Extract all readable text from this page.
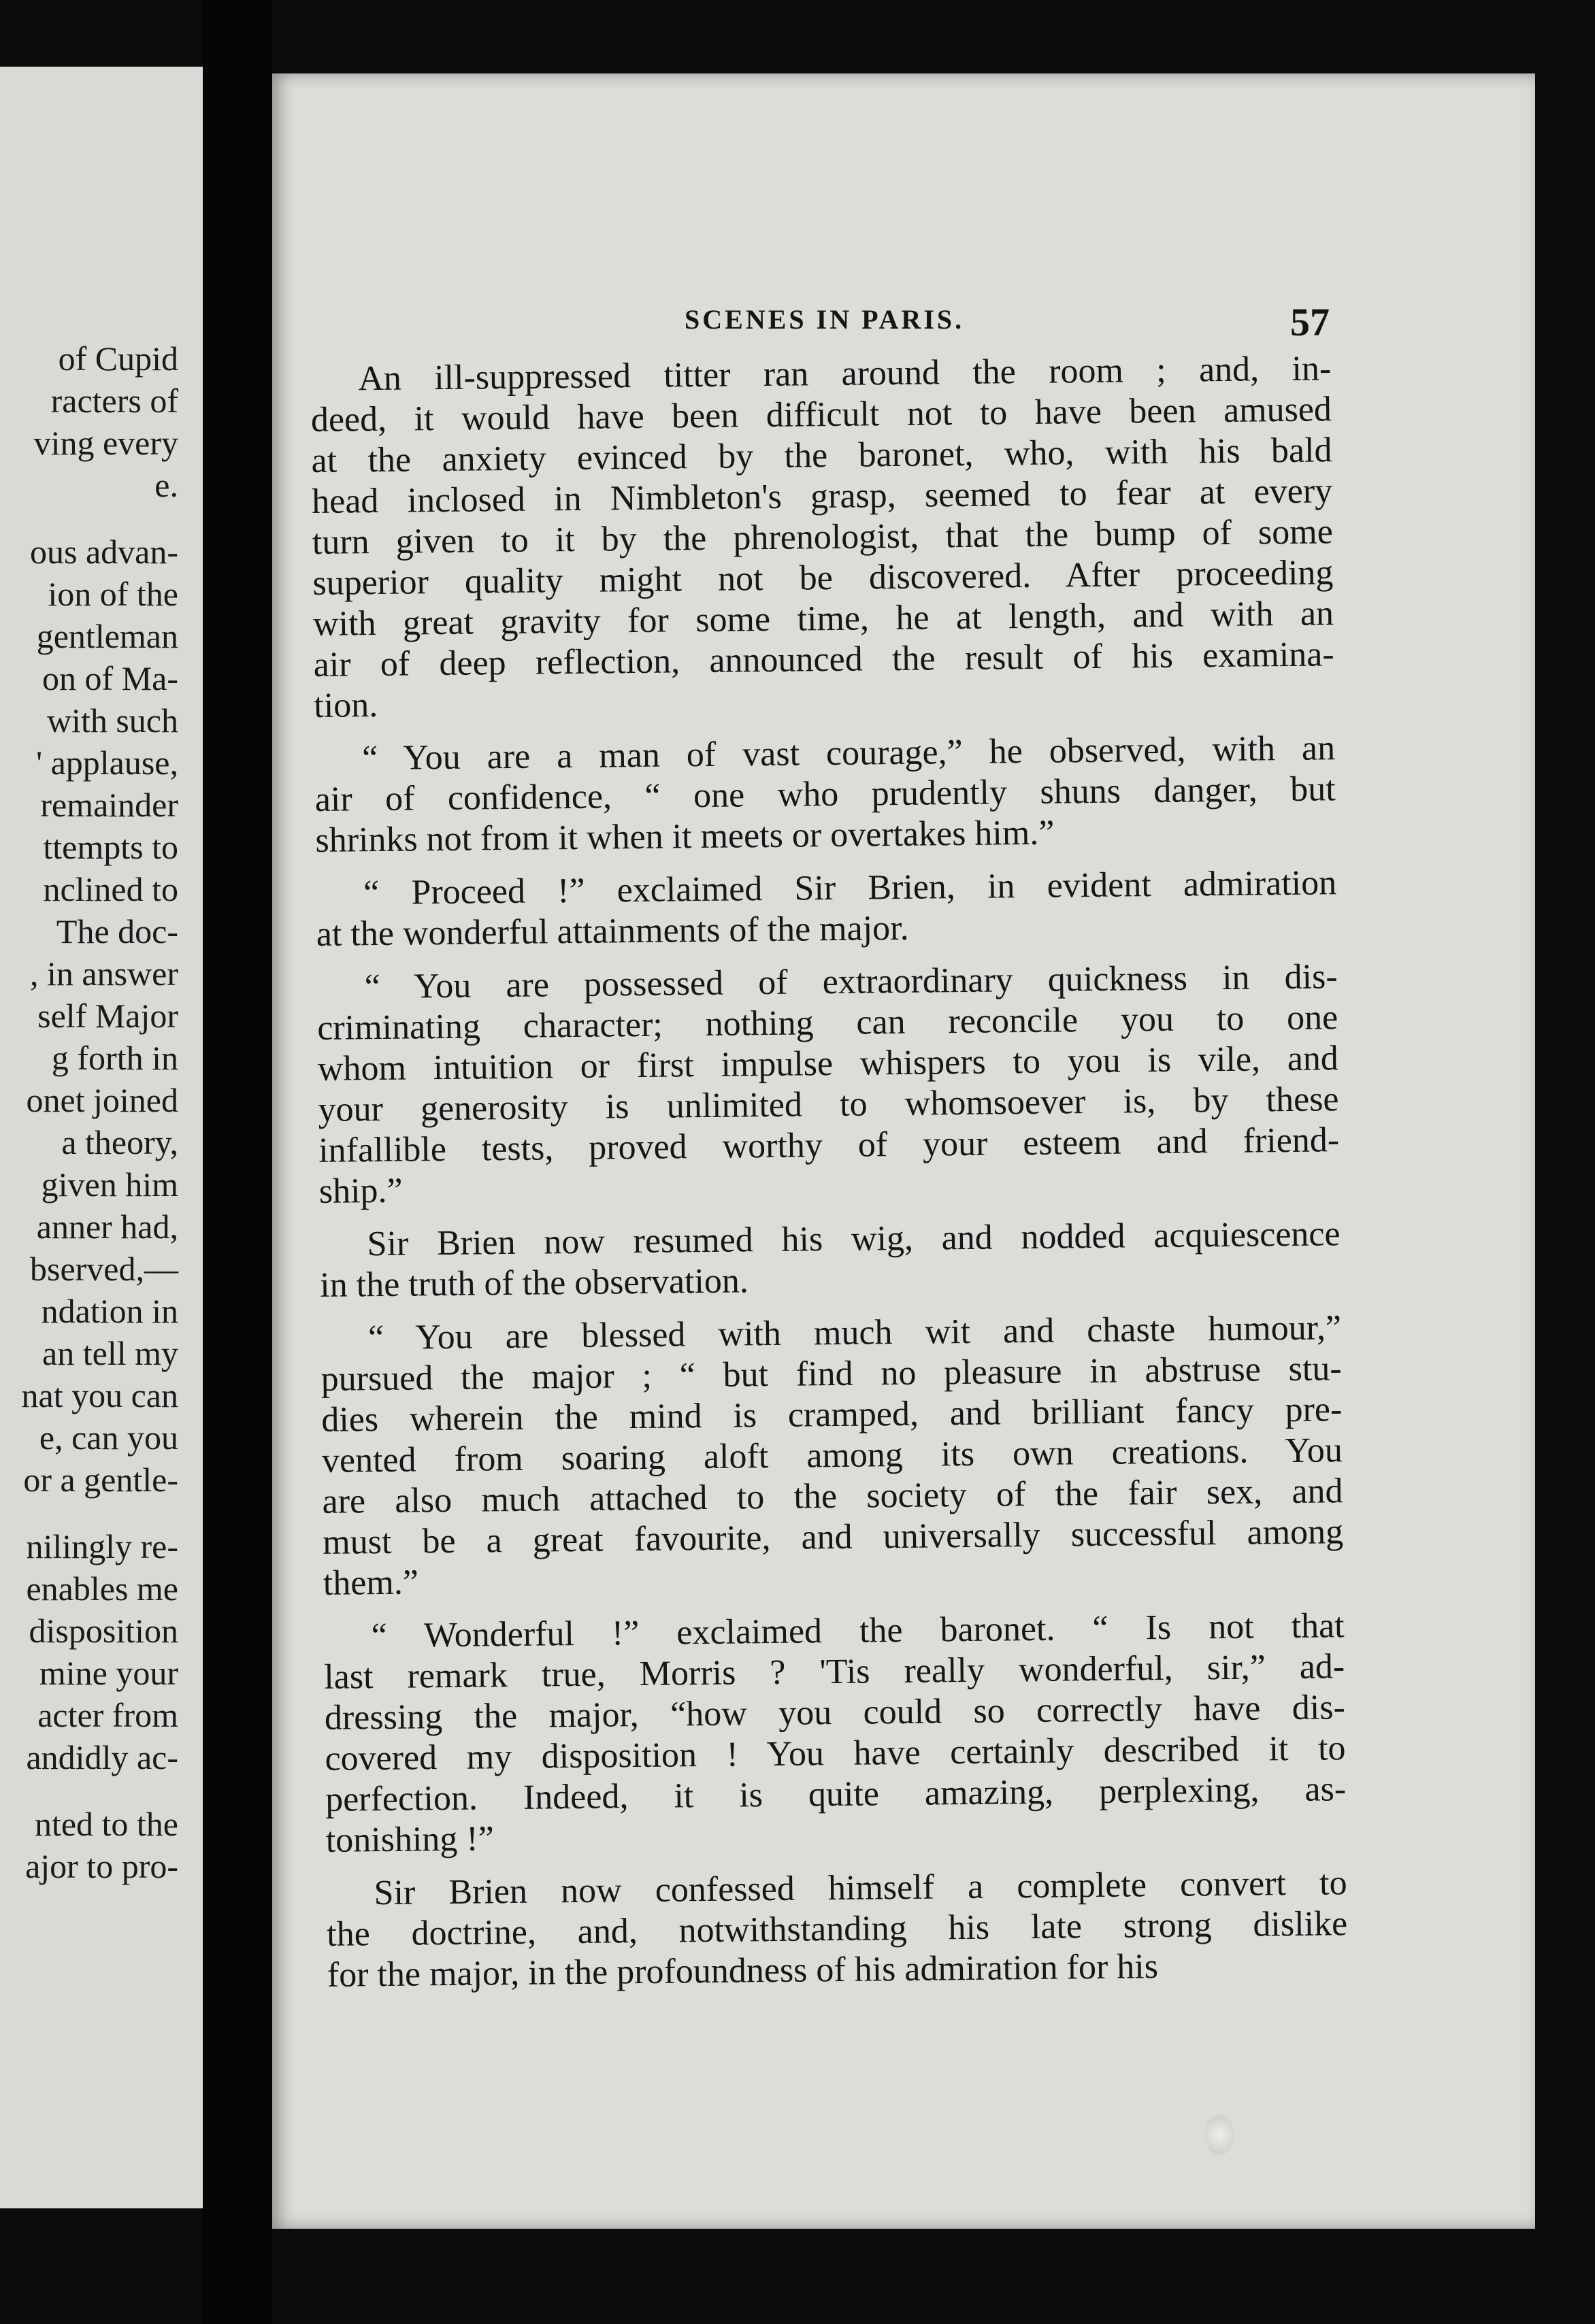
of Cupid
racters of
ving every
e.
ous advan-
ion of the
gentleman
on of Ma-
with such
' applause,
remainder
ttempts to
nclined to
The doc-
, in answer
self Major
g forth in
onet joined
a theory,
given him
anner had,
bserved,—
ndation in
an tell my
nat you can
e, can you
or a gentle-
nilingly re-
enables me
disposition
mine your
acter from
andidly ac-
nted to the
ajor to pro-
SCENES IN PARIS.	57
An ill-suppressed titter ran around the room ; and, in-
deed, it would have been difficult not to have been amused
at the anxiety evinced by the baronet, who, with his bald
head inclosed in Nimbleton's grasp, seemed to fear at every
turn given to it by the phrenologist, that the bump of some
superior quality might not be discovered. After proceeding
with great gravity for some time, he at length, and with an
air of deep reflection, announced the result of his examina-
tion.
“ You are a man of vast courage,” he observed, with an
air of confidence, “ one who prudently shuns danger, but
shrinks not from it when it meets or overtakes him.”
“ Proceed !” exclaimed Sir Brien, in evident admiration
at the wonderful attainments of the major.
“ You are possessed of extraordinary quickness in dis-
criminating character; nothing can reconcile you to one
whom intuition or first impulse whispers to you is vile, and
your generosity is unlimited to whomsoever is, by these
infallible tests, proved worthy of your esteem and friend-
ship.”
Sir Brien now resumed his wig, and nodded acquiescence
in the truth of the observation.
“ You are blessed with much wit and chaste humour,”
pursued the major ; “ but find no pleasure in abstruse stu-
dies wherein the mind is cramped, and brilliant fancy pre-
vented from soaring aloft among its own creations. You
are also much attached to the society of the fair sex, and
must be a great favourite, and universally successful among
them.”
“ Wonderful !” exclaimed the baronet. “ Is not that
last remark true, Morris ? 'Tis really wonderful, sir,” ad-
dressing the major, “how you could so correctly have dis-
covered my disposition ! You have certainly described it to
perfection. Indeed, it is quite amazing, perplexing, as-
tonishing !”
Sir Brien now confessed himself a complete convert to
the doctrine, and, notwithstanding his late strong dislike
for the major, in the profoundness of his admiration for his
